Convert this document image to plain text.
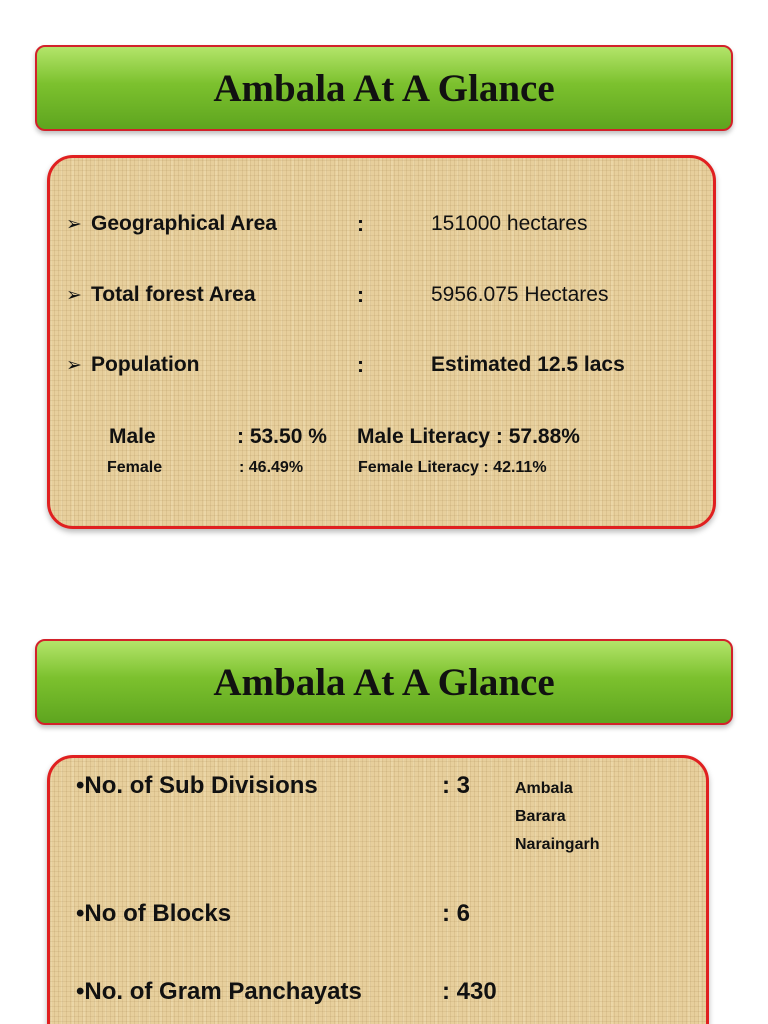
Ambala At A Glance
➢ Geographical Area	:	151000 hectares
➢ Total forest Area	:	5956.075 Hectares
➢ Population	:	Estimated 12.5 lacs
Male	: 53.50 % Male Literacy : 57.88%
Female	: 46.49%	Female Literacy : 42.11%
Ambala At A Glance
•No. of Sub Divisions	: 3	Ambala
Barara
Naraingarh
•No of Blocks	: 6
•No. of Gram Panchayats	: 430
